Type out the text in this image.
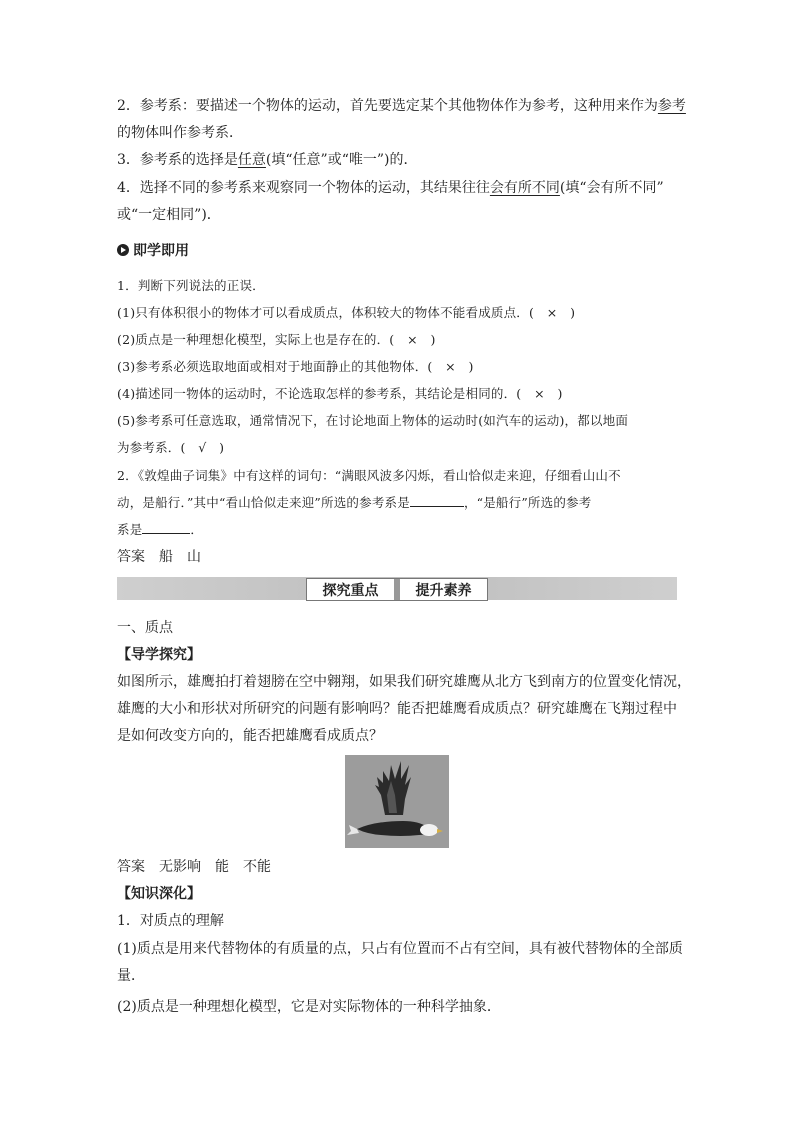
2．参考系：要描述一个物体的运动，首先要选定某个其他物体作为参考，这种用来作为参考
的物体叫作参考系．
3．参考系的选择是任意(填“任意”或“唯一”)的．
4．选择不同的参考系来观察同一个物体的运动，其结果往往会有所不同(填“会有所不同”
或“一定相同”)．
即学即用
1．判断下列说法的正误．
(1)只有体积很小的物体才可以看成质点，体积较大的物体不能看成质点．(　×　)
(2)质点是一种理想化模型，实际上也是存在的．(　×　)
(3)参考系必须选取地面或相对于地面静止的其他物体．(　×　)
(4)描述同一物体的运动时，不论选取怎样的参考系，其结论是相同的．(　×　)
(5)参考系可任意选取，通常情况下，在讨论地面上物体的运动时(如汽车的运动)，都以地面
为参考系．(　√　)
2．《敦煌曲子词集》中有这样的词句：“满眼风波多闪烁，看山恰似走来迎，仔细看山山不
动，是船行．”其中“看山恰似走来迎”所选的参考系是	，“是船行”所选的参考
系是	．
答案　船　山
探究重点	提升素养
一、质点
【导学探究】
如图所示，雄鹰拍打着翅膀在空中翱翔，如果我们研究雄鹰从北方飞到南方的位置变化情况，
雄鹰的大小和形状对所研究的问题有影响吗？能否把雄鹰看成质点？研究雄鹰在飞翔过程中
是如何改变方向的，能否把雄鹰看成质点？
答案　无影响　能　不能
【知识深化】
1．对质点的理解
(1)质点是用来代替物体的有质量的点，只占有位置而不占有空间，具有被代替物体的全部质
量．
(2)质点是一种理想化模型，它是对实际物体的一种科学抽象．
